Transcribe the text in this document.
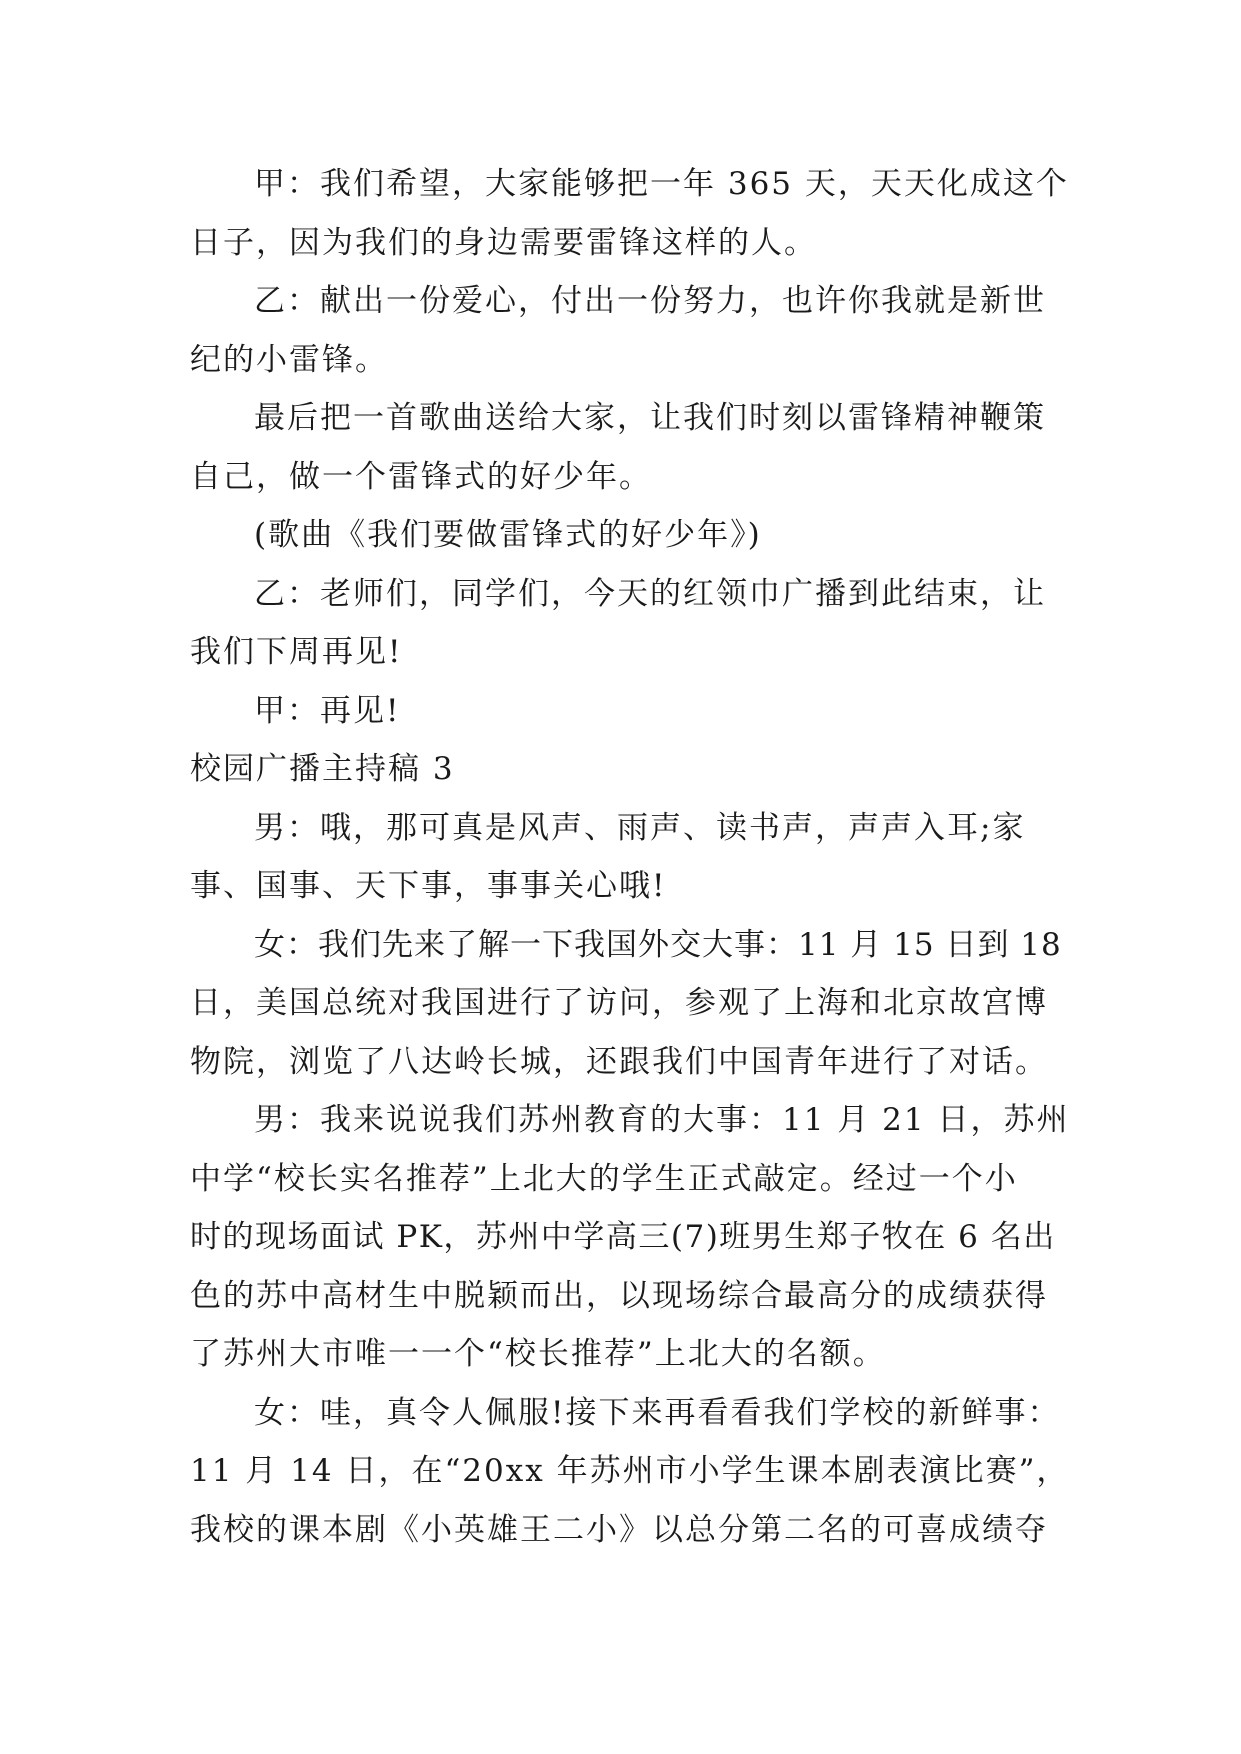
甲：我们希望，大家能够把一年 365 天，天天化成这个
日子，因为我们的身边需要雷锋这样的人。
乙：献出一份爱心，付出一份努力，也许你我就是新世
纪的小雷锋。
最后把一首歌曲送给大家，让我们时刻以雷锋精神鞭策
自己，做一个雷锋式的好少年。
(歌曲《我们要做雷锋式的好少年》)
乙：老师们，同学们，今天的红领巾广播到此结束，让
我们下周再见!
甲：再见!
校园广播主持稿 3
男：哦，那可真是风声、雨声、读书声，声声入耳;家
事、国事、天下事，事事关心哦!
女：我们先来了解一下我国外交大事：11 月 15 日到 18
日，美国总统对我国进行了访问，参观了上海和北京故宫博
物院，浏览了八达岭长城，还跟我们中国青年进行了对话。
男：我来说说我们苏州教育的大事：11 月 21 日，苏州
中学“校长实名推荐”上北大的学生正式敲定。经过一个小
时的现场面试 PK，苏州中学高三(7)班男生郑子牧在 6 名出
色的苏中高材生中脱颖而出，以现场综合最高分的成绩获得
了苏州大市唯一一个“校长推荐”上北大的名额。
女：哇，真令人佩服!接下来再看看我们学校的新鲜事：
11 月 14 日，在“20xx 年苏州市小学生课本剧表演比赛”，
我校的课本剧《小英雄王二小》以总分第二名的可喜成绩夺
